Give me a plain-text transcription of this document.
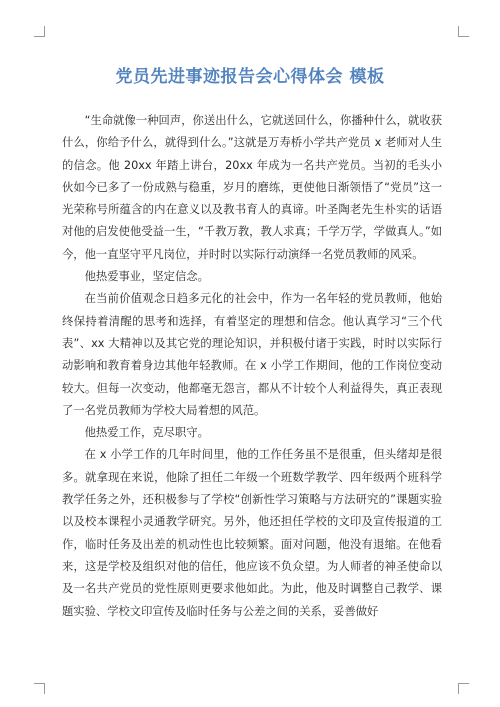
党员先进事迹报告会心得体会 模板

“生命就像一种回声，你送出什么，它就送回什么，你播种什么，就收获什么，你给予什么，就得到什么。”这就是万寿桥小学共产党员 x 老师对人生的信念。他 20xx 年踏上讲台，20xx 年成为一名共产党员。当初的毛头小伙如今已多了一份成熟与稳重，岁月的磨练，更使他日渐领悟了“党员”这一光荣称号所蕴含的内在意义以及教书育人的真谛。叶圣陶老先生朴实的话语对他的启发使他受益一生，“千教万教，教人求真；千学万学，学做真人。”如今，他一直坚守平凡岗位，并时时以实际行动演绎一名党员教师的风采。

他热爱事业，坚定信念。

在当前价值观念日趋多元化的社会中，作为一名年轻的党员教师，他始终保持着清醒的思考和选择，有着坚定的理想和信念。他认真学习“三个代表”、xx 大精神以及其它党的理论知识，并积极付诸于实践，时时以实际行动影响和教育着身边其他年轻教师。在 x 小学工作期间，他的工作岗位变动较大。但每一次变动，他都毫无怨言，都从不计较个人利益得失，真正表现了一名党员教师为学校大局着想的风范。

他热爱工作，克尽职守。

在 x 小学工作的几年时间里，他的工作任务虽不是很重，但头绪却是很多。就拿现在来说，他除了担任二年级一个班数学教学、四年级两个班科学教学任务之外，还积极参与了学校“创新性学习策略与方法研究的”课题实验以及校本课程小灵通教学研究。另外，他还担任学校的文印及宣传报道的工作，临时任务及出差的机动性也比较频繁。面对问题，他没有退缩。在他看来，这是学校及组织对他的信任，他应该不负众望。为人师者的神圣使命以及一名共产党员的党性原则更要求他如此。为此，他及时调整自己教学、课题实验、学校文印宣传及临时任务与公差之间的关系，妥善做好
